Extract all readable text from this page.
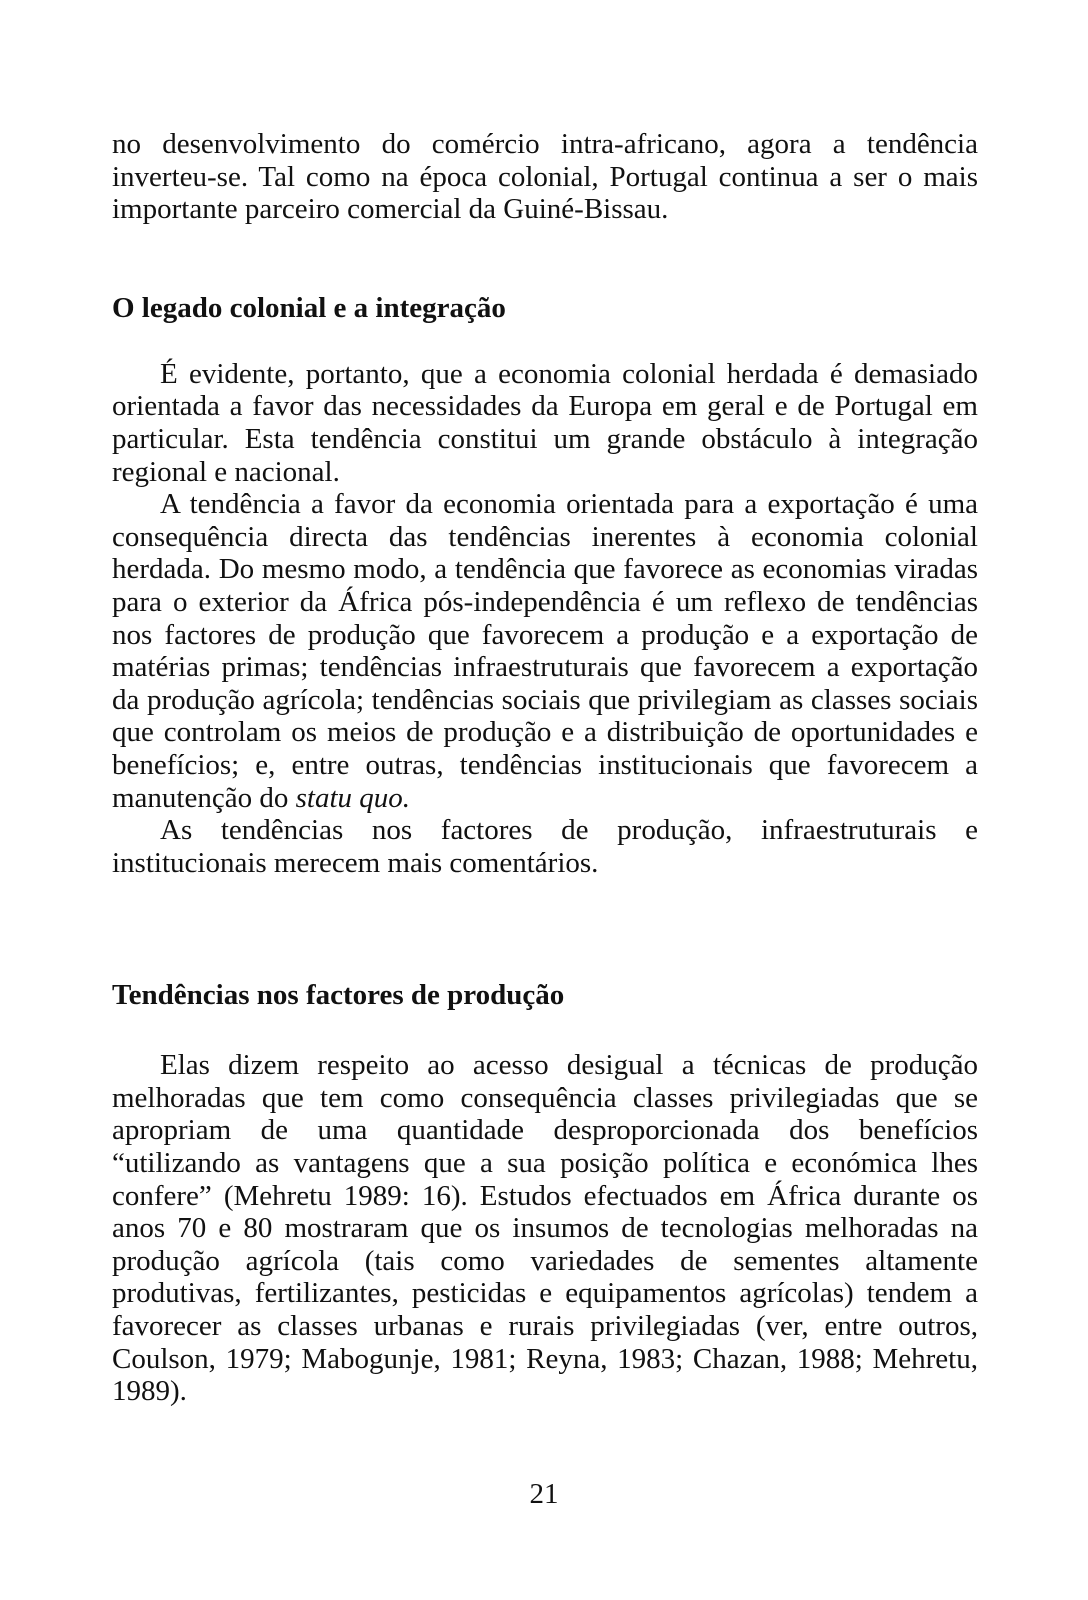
no desenvolvimento do comércio intra-africano, agora a tendência inverteu-se. Tal como na época colonial, Portugal continua a ser o mais importante parceiro comercial da Guiné-Bissau.

O legado colonial e a integração

É evidente, portanto, que a economia colonial herdada é demasiado orientada a favor das necessidades da Europa em geral e de Portugal em particular. Esta tendência constitui um grande obstáculo à integração regional e nacional.

A tendência a favor da economia orientada para a exportação é uma consequência directa das tendências inerentes à economia colonial herdada. Do mesmo modo, a tendência que favorece as economias viradas para o exterior da África pós-independência é um reflexo de tendências nos factores de produção que favorecem a produção e a exportação de matérias primas; tendências infraestruturais que favorecem a exportação da produção agrícola; tendências sociais que privilegiam as classes sociais que controlam os meios de produção e a distribuição de oportunidades e benefícios; e, entre outras, tendências institucionais que favorecem a manutenção do statu quo.

As tendências nos factores de produção, infraestruturais e institucionais merecem mais comentários.

Tendências nos factores de produção

Elas dizem respeito ao acesso desigual a técnicas de produção melhoradas que tem como consequência classes privilegiadas que se apropriam de uma quantidade desproporcionada dos benefícios “utilizando as vantagens que a sua posição política e económica lhes confere” (Mehretu 1989: 16). Estudos efectuados em África durante os anos 70 e 80 mostraram que os insumos de tecnologias melhoradas na produção agrícola (tais como variedades de sementes altamente produtivas, fertilizantes, pesticidas e equipamentos agrícolas) tendem a favorecer as classes urbanas e rurais privilegiadas (ver, entre outros, Coulson, 1979; Mabogunje, 1981; Reyna, 1983; Chazan, 1988; Mehretu, 1989).

21
